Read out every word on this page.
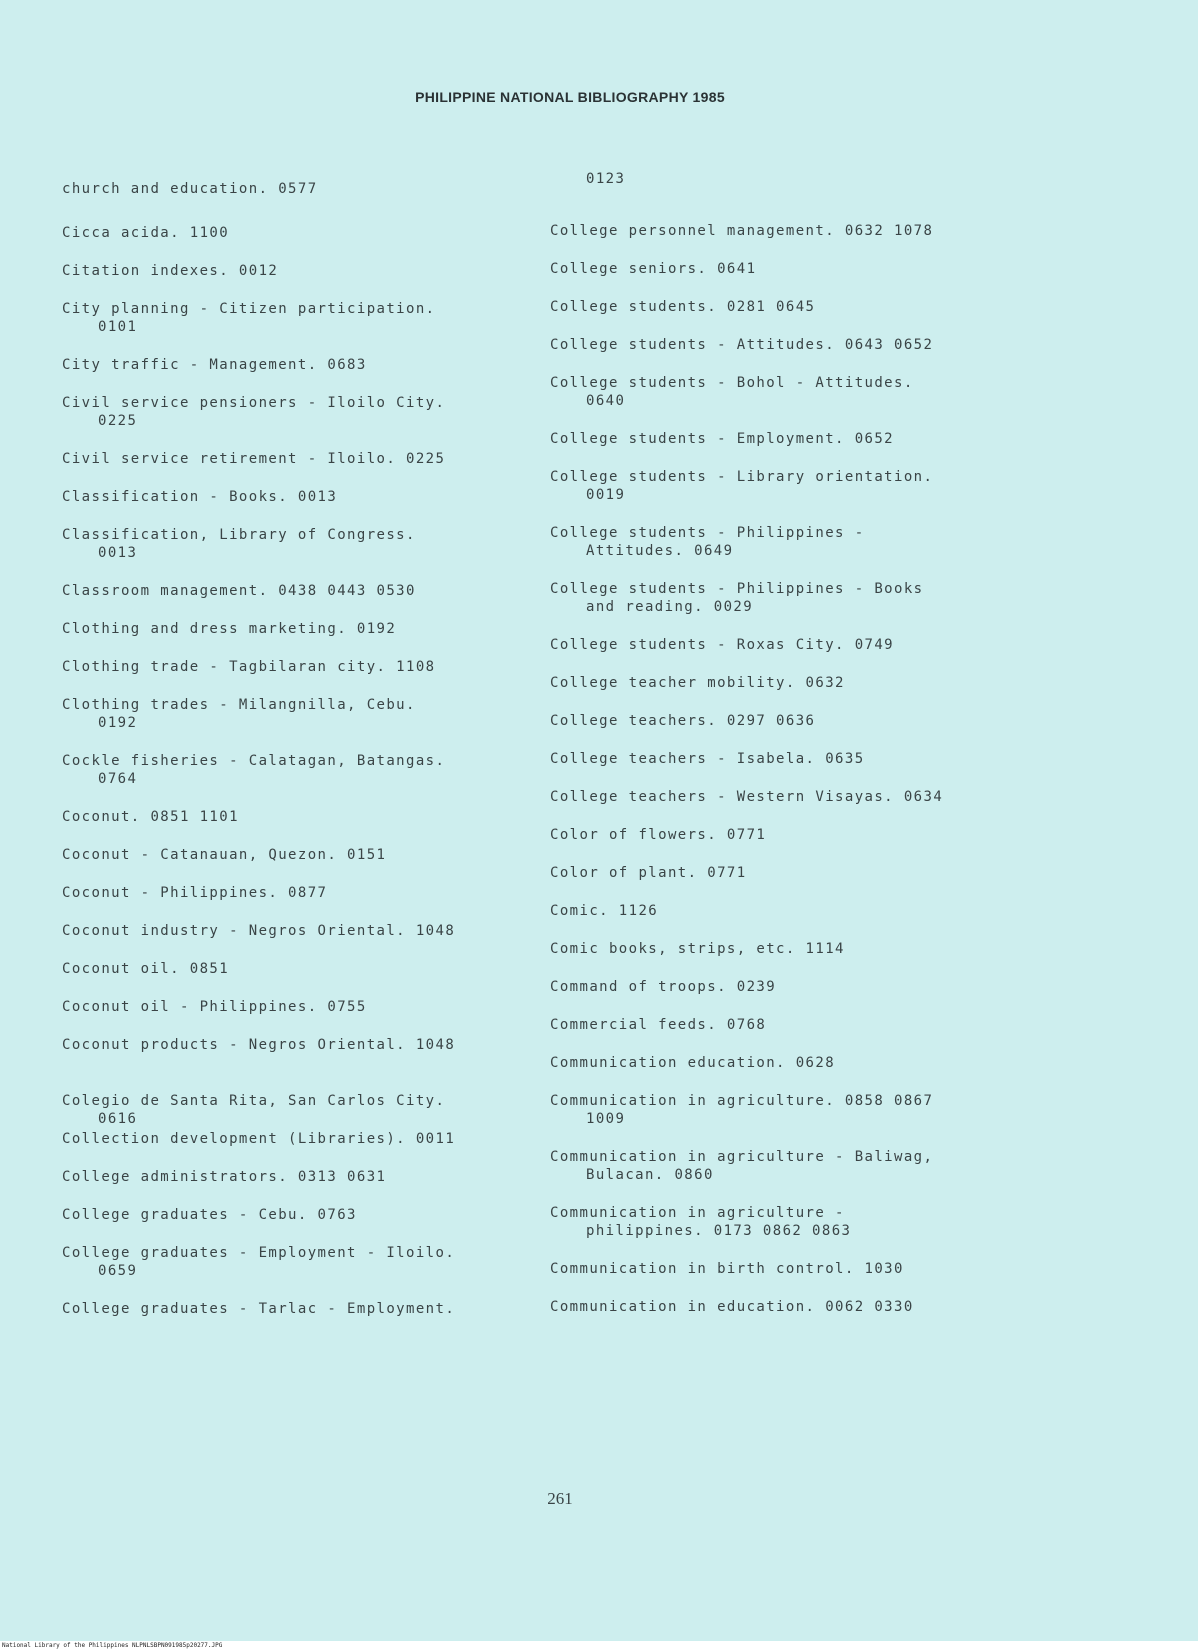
PHILIPPINE NATIONAL BIBLIOGRAPHY 1985
church and education. 0577
Cicca acida. 1100
Citation indexes. 0012
City planning - Citizen participation.
0101
City traffic - Management. 0683
Civil service pensioners - Iloilo City.
0225
Civil service retirement - Iloilo. 0225
Classification - Books. 0013
Classification, Library of Congress.
0013
Classroom management. 0438 0443 0530
Clothing and dress marketing. 0192
Clothing trade - Tagbilaran city. 1108
Clothing trades - Milangnilla, Cebu.
0192
Cockle fisheries - Calatagan, Batangas.
0764
Coconut. 0851 1101
Coconut - Catanauan, Quezon. 0151
Coconut - Philippines. 0877
Coconut industry - Negros Oriental. 1048
Coconut oil. 0851
Coconut oil - Philippines. 0755
Coconut products - Negros Oriental. 1048
Colegio de Santa Rita, San Carlos City.
0616
Collection development (Libraries). 0011
College administrators. 0313 0631
College graduates - Cebu. 0763
College graduates - Employment - Iloilo.
0659
College graduates - Tarlac - Employment.
0123
College personnel management. 0632 1078
College seniors. 0641
College students. 0281 0645
College students - Attitudes. 0643 0652
College students - Bohol - Attitudes.
0640
College students - Employment. 0652
College students - Library orientation.
0019
College students - Philippines -
Attitudes. 0649
College students - Philippines - Books
and reading. 0029
College students - Roxas City. 0749
College teacher mobility. 0632
College teachers. 0297 0636
College teachers - Isabela. 0635
College teachers - Western Visayas. 0634
Color of flowers. 0771
Color of plant. 0771
Comic. 1126
Comic books, strips, etc. 1114
Command of troops. 0239
Commercial feeds. 0768
Communication education. 0628
Communication in agriculture. 0858 0867
1009
Communication in agriculture - Baliwag,
Bulacan. 0860
Communication in agriculture -
philippines. 0173 0862 0863
Communication in birth control. 1030
Communication in education. 0062 0330
261
National Library of the Philippines NLPNLSBPN091985p20277.JPG
